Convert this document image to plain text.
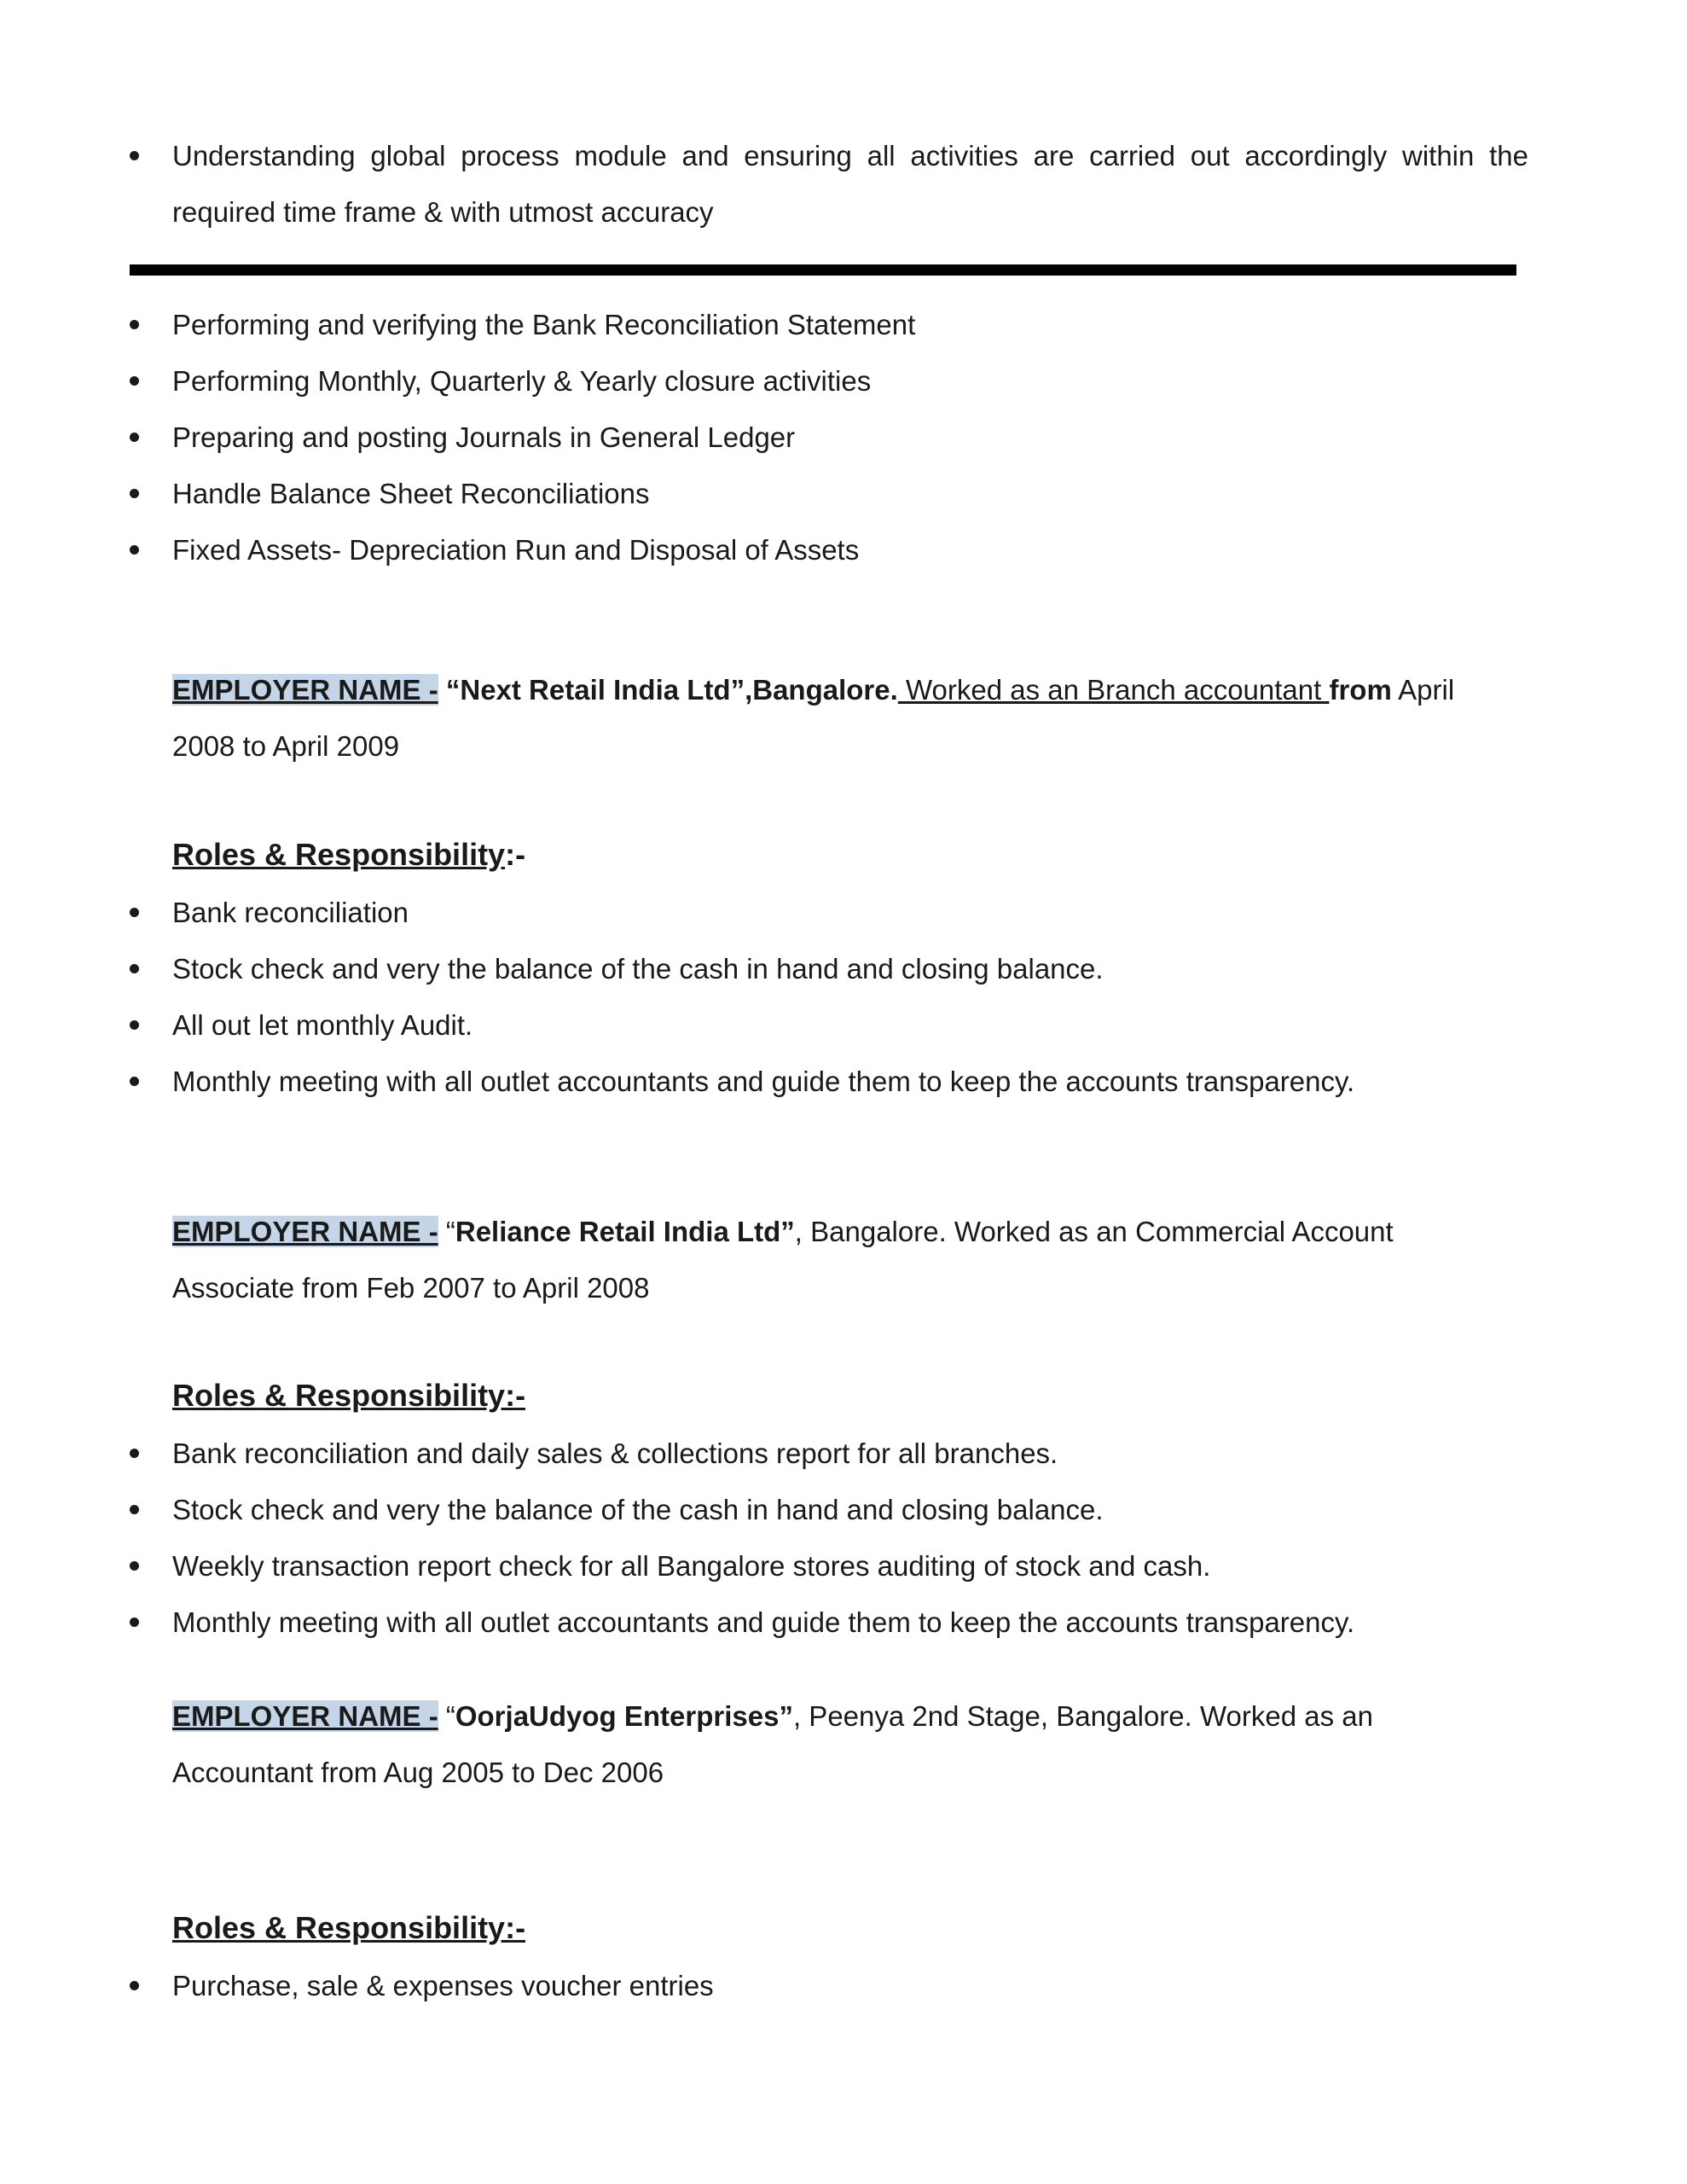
Understanding global process module and ensuring all activities are carried out accordingly within the required time frame & with utmost accuracy
Performing and verifying the Bank Reconciliation Statement
Performing Monthly, Quarterly & Yearly closure activities
Preparing and posting Journals in General Ledger
Handle Balance Sheet Reconciliations
Fixed Assets- Depreciation Run and Disposal of Assets
EMPLOYER NAME - “Next Retail India Ltd”,Bangalore. Worked as an Branch accountant from April 2008 to April 2009
Roles & Responsibility:-
Bank reconciliation
Stock check and very the balance of the cash in hand and closing balance.
All out let monthly Audit.
Monthly meeting with all outlet accountants and guide them to keep the accounts transparency.
EMPLOYER NAME - “Reliance Retail India Ltd”, Bangalore. Worked as an Commercial Account Associate from Feb 2007 to April 2008
Roles & Responsibility:-
Bank reconciliation and daily sales & collections report for all branches.
Stock check and very the balance of the cash in hand and closing balance.
Weekly transaction report check for all Bangalore stores auditing of stock and cash.
Monthly meeting with all outlet accountants and guide them to keep the accounts transparency.
EMPLOYER NAME - “OorjaUdyog Enterprises”, Peenya 2nd Stage, Bangalore. Worked as an Accountant from Aug 2005 to Dec 2006
Roles & Responsibility:-
Purchase, sale & expenses voucher entries
